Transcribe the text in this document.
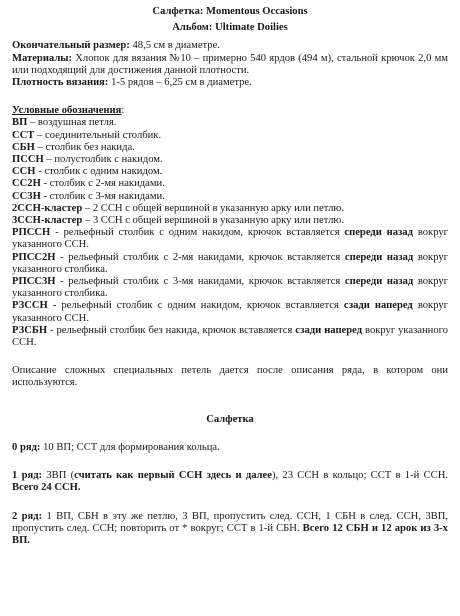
Салфетка: Momentous Occasions
Альбом: Ultimate Doilies

Окончательный размер: 48,5 см в диаметре.

Материалы: Хлопок для вязания №10 – примерно 540 ярдов (494 м), стальной крючок 2,0 мм или подходящий для достижения данной плотности.

Плотность вязания: 1-5 рядов – 6,25 см в диаметре.

Условные обозначения:

ВП – воздушная петля.

ССТ – соединительный столбик.

СБН – столбик без накида.

ПССН – полустолбик с накидом.

ССН - столбик с одним накидом.

СС2Н - столбик с 2-мя накидами.

СС3Н - столбик с 3-мя накидами.

2ССН-кластер – 2 ССН с общей вершиной в указанную арку или петлю.

3ССН-кластер – 3 ССН с общей вершиной в указанную арку или петлю.

РПССН - рельефный столбик с одним накидом, крючок вставляется спереди назад вокруг указанного ССН.

РПСС2Н - рельефный столбик с 2-мя накидами, крючок вставляется спереди назад вокруг указанного столбика.

РПСС3Н - рельефный столбик с 3-мя накидами, крючок вставляется спереди назад вокруг указанного столбика.

РЗССН - рельефный столбик с одним накидом, крючок вставляется сзади наперед вокруг указанного ССН.

РЗСБН - рельефный столбик без накида, крючок вставляется сзади наперед вокруг указанного ССН.

Описание сложных специальных петель дается после описания ряда, в котором они используются.

Салфетка

0 ряд: 10 ВП; ССТ для формирования кольца.

1 ряд: 3ВП (считать как первый ССН здесь и далее), 23 ССН в кольцо; ССТ в 1-й ССН. Всего 24 ССН.

2 ряд: 1 ВП, СБН в эту же петлю, 3 ВП, пропустить след. ССН, 1 СБН в след. ССН, 3ВП, пропустить след. ССН; повторить от * вокруг; ССТ в 1-й СБН. Всего 12 СБН и 12 арок из 3-х ВП.
